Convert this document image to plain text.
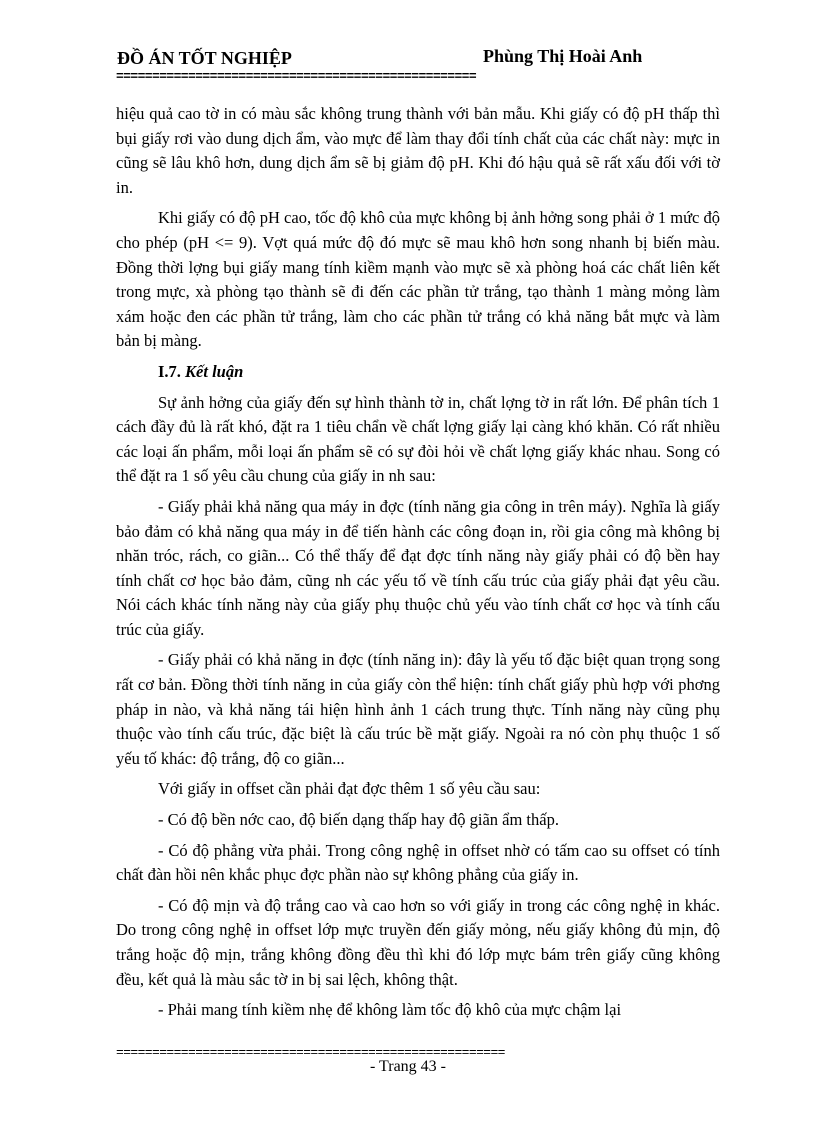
ĐỒ ÁN TỐT NGHIỆP	Phùng Thị Hoài Anh
==================================================

hiệu quả cao tờ in có màu sắc không trung thành với bản mẫu. Khi giấy có độ pH thấp thì bụi giấy rơi vào dung dịch ẩm, vào mực để làm thay đổi tính chất của các chất này: mực in cũng sẽ lâu khô hơn, dung dịch ẩm sẽ bị giảm độ pH. Khi đó hậu quả sẽ rất xấu đối với tờ in.

Khi giấy có độ pH cao, tốc độ khô của mực không bị ảnh hởng song phải ở 1 mức độ cho phép (pH <= 9). Vợt quá mức độ đó mực sẽ mau khô hơn song nhanh bị biến màu. Đồng thời lợng bụi giấy mang tính kiềm mạnh vào mực sẽ xà phòng hoá các chất liên kết trong mực, xà phòng tạo thành sẽ đi đến các phần tử trắng, tạo thành 1 màng mỏng làm xám hoặc đen các phần tử trắng, làm cho các phần tử trắng có khả năng bắt mực và làm bản bị màng.

I.7. Kết luận

Sự ảnh hởng của giấy đến sự hình thành tờ in, chất lợng tờ in rất lớn. Để phân tích 1 cách đầy đủ là rất khó, đặt ra 1 tiêu chẩn về chất lợng giấy lại càng khó khăn. Có rất nhiều các loại ấn phẩm, mỗi loại ấn phẩm sẽ có sự đòi hỏi về chất lợng giấy khác nhau. Song có thể đặt ra 1 số yêu cầu chung của giấy in nh sau:

- Giấy phải khả năng qua máy in đợc (tính năng gia công in trên máy). Nghĩa là giấy bảo đảm có khả năng qua máy in để tiến hành các công đoạn in, rồi gia công mà không bị nhăn tróc, rách, co giãn... Có thể thấy để đạt đợc tính năng này giấy phải có độ bền hay tính chất cơ học bảo đảm, cũng nh các yếu tố về tính cấu trúc của giấy phải đạt yêu cầu. Nói cách khác tính năng này của giấy phụ thuộc chủ yếu vào tính chất cơ học và tính cấu trúc của giấy.

- Giấy phải có khả năng in đợc (tính năng in): đây là yếu tố đặc biệt quan trọng song rất cơ bản. Đồng thời tính năng in của giấy còn thể hiện: tính chất giấy phù hợp với phơng pháp in nào, và khả năng tái hiện hình ảnh 1 cách trung thực. Tính năng này cũng phụ thuộc vào tính cấu trúc, đặc biệt là cấu trúc bề mặt giấy. Ngoài ra nó còn phụ thuộc 1 số yếu tố khác: độ trắng, độ co giãn...

Với giấy in offset cần phải đạt đợc thêm 1 số yêu cầu sau:

- Có độ bền nớc cao, độ biến dạng thấp hay độ giãn ẩm thấp.

- Có độ phẳng vừa phải. Trong công nghệ in offset nhờ có tấm cao su offset có tính chất đàn hồi nên khắc phục đợc phần nào sự không phẳng của giấy in.

- Có độ mịn và độ trắng cao và cao hơn so với giấy in trong các công nghệ in khác. Do trong công nghệ in offset lớp mực truyền đến giấy mỏng, nếu giấy không đủ mịn, độ trắng hoặc độ mịn, trắng không đồng đều thì khi đó lớp mực bám trên giấy cũng không đều, kết quả là màu sắc tờ in bị sai lệch, không thật.

- Phải mang tính kiềm nhẹ để không làm tốc độ khô của mực chậm lại

======================================================
- Trang 43 -
